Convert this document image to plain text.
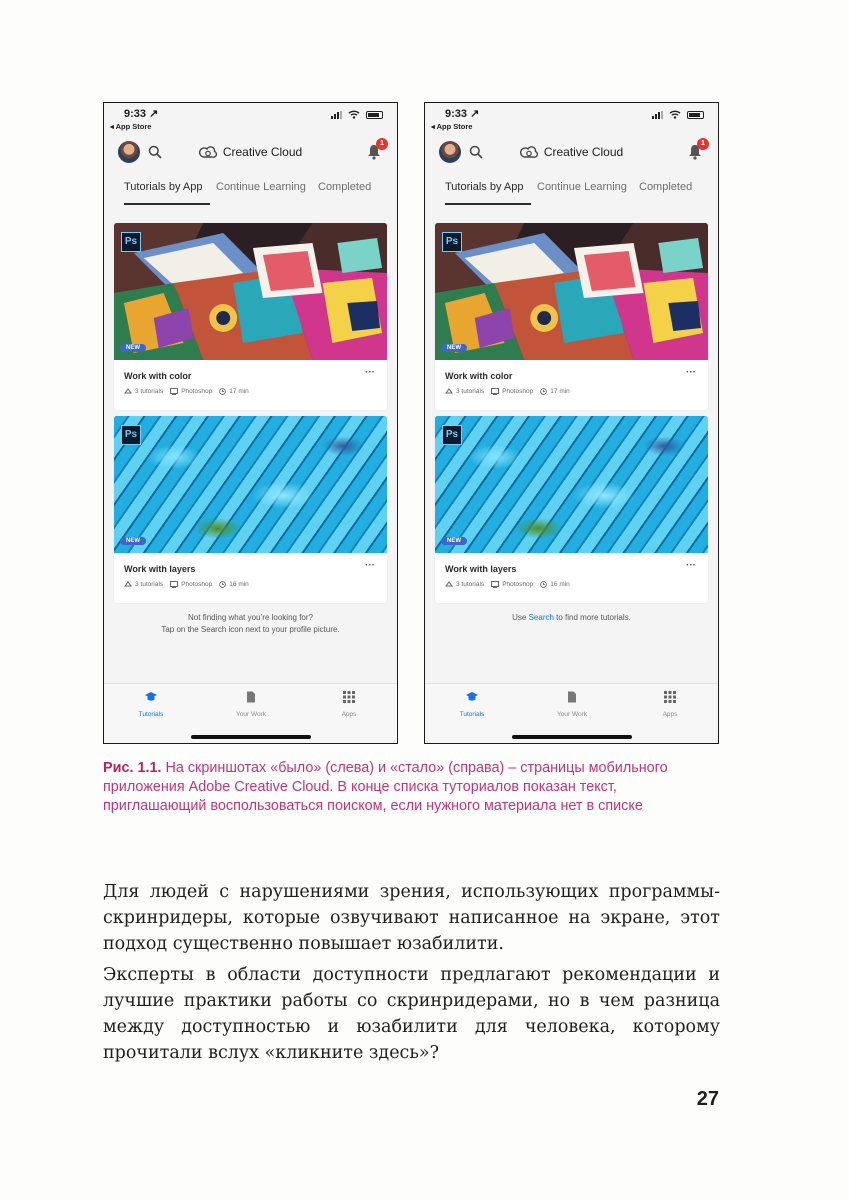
9:33 ↗
◂ App Store
Creative Cloud
1
Tutorials by App Continue Learning Completed
Ps
NEW
Work with color	···
3 tutorials	Photoshop	17 min
Ps
NEW
Work with layers	···
3 tutorials	Photoshop	16 min
Not finding what you’re looking for?
Tap on the Search icon next to your profile picture.
Tutorials	Your Work	Apps
9:33 ↗
◂ App Store
Creative Cloud
1
Tutorials by App Continue Learning Completed
Ps
NEW
Work with color	···
3 tutorials	Photoshop	17 min
Ps
NEW
Work with layers	···
3 tutorials	Photoshop	16 min
Use Search to find more tutorials.
Tutorials	Your Work	Apps

Рис. 1.1. На скриншотах «было» (слева) и «стало» (справа) – страницы мобильного приложения Adobe Creative Cloud. В конце списка туториалов показан текст, приглашающий воспользоваться поиском, если нужного материала нет в списке

Для людей с нарушениями зрения, использующих программы-скринридеры, которые озвучивают написанное на экране, этот подход существенно повышает юзабилити.

Эксперты в области доступности предлагают рекомендации и лучшие практики работы со скринридерами, но в чем разница между доступностью и юзабилити для человека, которому прочитали вслух «кликните здесь»?

27
